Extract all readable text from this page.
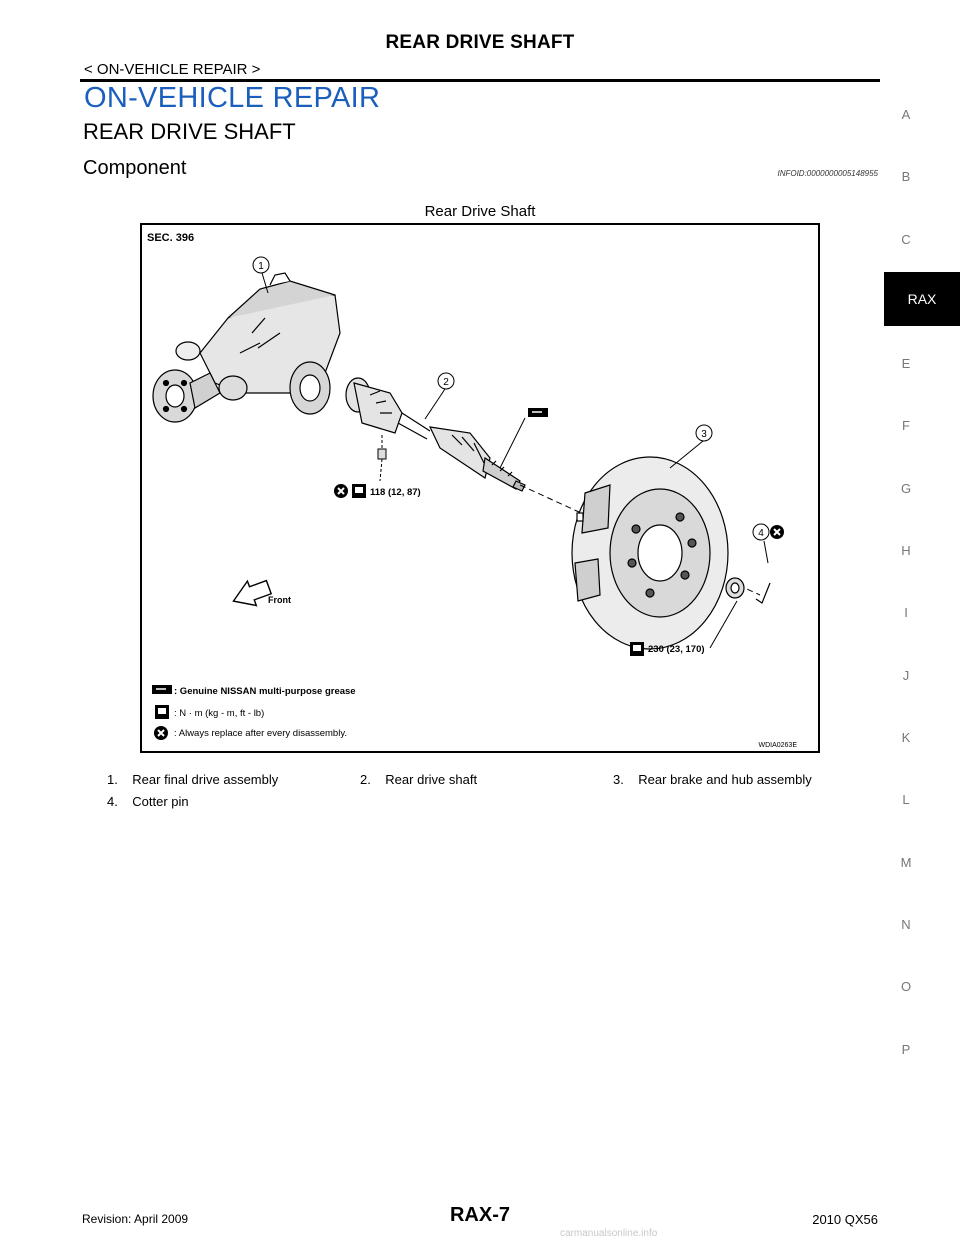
REAR DRIVE SHAFT
< ON-VEHICLE REPAIR >
ON-VEHICLE REPAIR
REAR DRIVE SHAFT
Component	INFOID:0000000005148955
Rear Drive Shaft
SEC. 396
1
2
3
4
118 (12, 87)
230 (23, 170)
Front
: Genuine NISSAN multi-purpose grease
: N · m (kg - m, ft - lb)
: Always replace after every disassembly.
WDIA0263E
1. Rear final drive assembly	2. Rear drive shaft	3. Rear brake and hub assembly
4. Cotter pin
A
B
C
RAX
E
F
G
H
I
J
K
L
M
N
O
P
Revision: April 2009	RAX-7	2010 QX56
carmanualsonline.info
